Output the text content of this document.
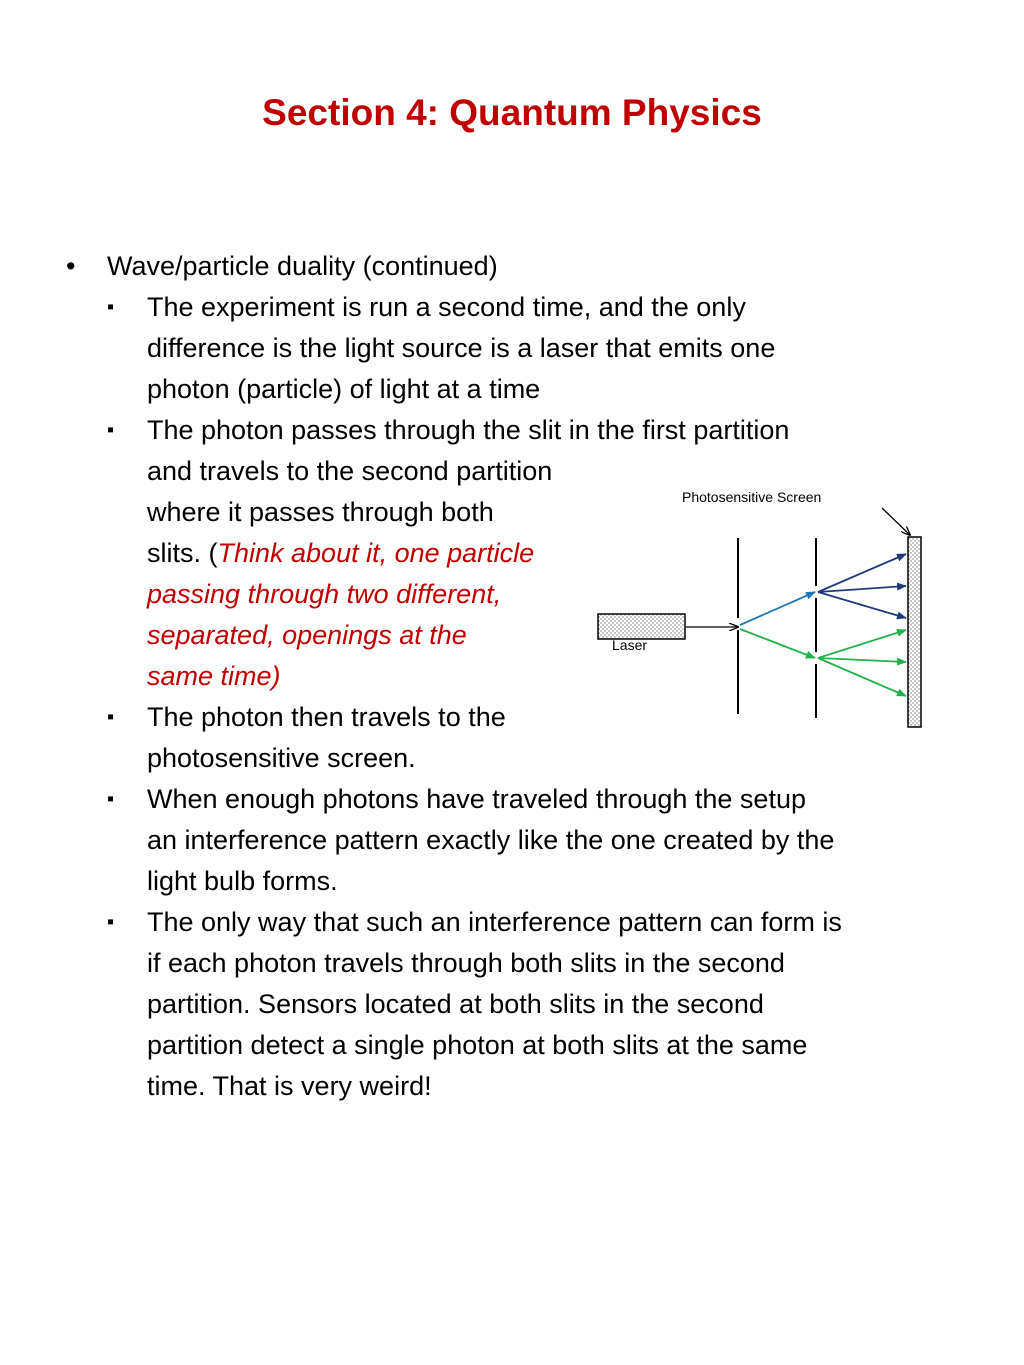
Section 4: Quantum Physics
• Wave/particle duality (continued)
▪ The experiment is run a second time, and the only
difference is the light source is a laser that emits one
photon (particle) of light at a time
▪ The photon passes through the slit in the first partition
and travels to the second partition
where it passes through both
slits. (Think about it, one particle
passing through two different,
separated, openings at the
same time)
▪ The photon then travels to the
photosensitive screen.
▪ When enough photons have traveled through the setup
an interference pattern exactly like the one created by the
light bulb forms.
▪ The only way that such an interference pattern can form is
if each photon travels through both slits in the second
partition. Sensors located at both slits in the second
partition detect a single photon at both slits at the same
time. That is very weird!
Photosensitive Screen
Laser
